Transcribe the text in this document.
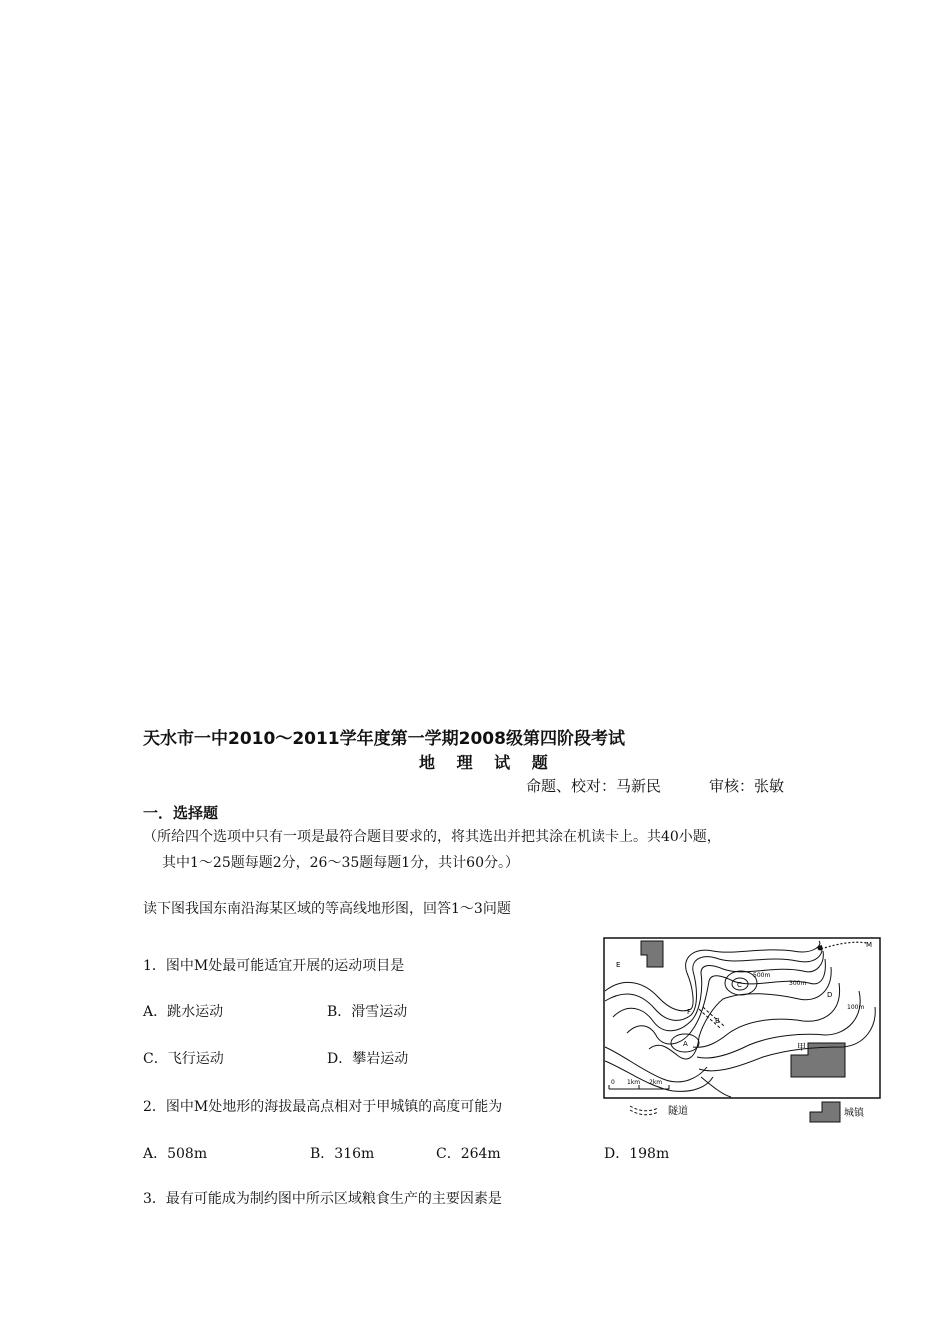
天水市一中2010～2011学年度第一学期2008级第四阶段考试
地 理 试 题
命题、校对：马新民	审核：张敏
一．选择题
（所给四个选项中只有一项是最符合题目要求的，将其选出并把其涂在机读卡上。共40小题，
其中1～25题每题2分，26～35题每题1分，共计60分。）
读下图我国东南沿海某区域的等高线地形图，回答1～3问题
1．图中M处最可能适宜开展的运动项目是
A．跳水运动	B．滑雪运动
C．飞行运动	D．攀岩运动
2．图中M处地形的海拔最高点相对于甲城镇的高度可能为
A．508m	B．316m	C．264m	D．198m
3．最有可能成为制约图中所示区域粮食生产的主要因素是
0 1km 2km
E
F
B
A
C
D
M
甲
500m
300m
100m
隧道	城镇
